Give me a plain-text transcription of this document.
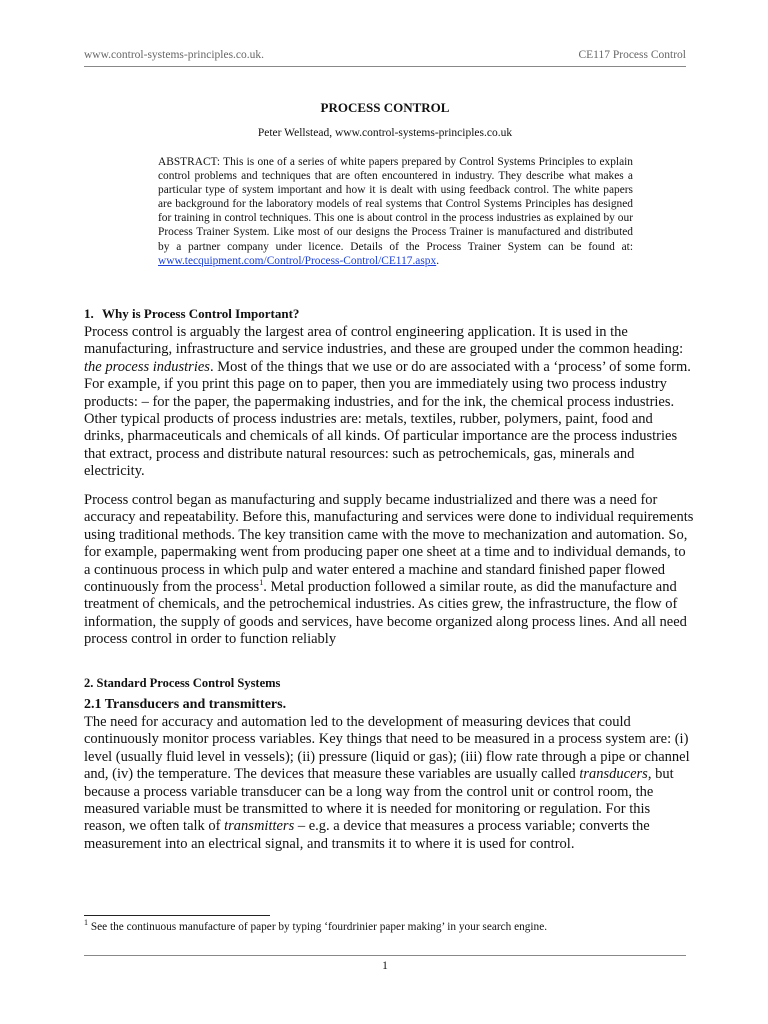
www.control-systems-principles.co.uk.	CE117 Process Control
PROCESS CONTROL
Peter Wellstead, www.control-systems-principles.co.uk

ABSTRACT: This is one of a series of white papers prepared by Control Systems Principles to explain control problems and techniques that are often encountered in industry. They describe what makes a particular type of system important and how it is dealt with using feedback control. The white papers are background for the laboratory models of real systems that Control Systems Principles has designed for training in control techniques. This one is about control in the process industries as explained by our Process Trainer System. Like most of our designs the Process Trainer is manufactured and distributed by a partner company under licence. Details of the Process Trainer System can be found at: www.tecquipment.com/Control/Process-Control/CE117.aspx.

1. Why is Process Control Important?

Process control is arguably the largest area of control engineering application. It is used in the manufacturing, infrastructure and service industries, and these are grouped under the common heading: the process industries. Most of the things that we use or do are associated with a ‘process’ of some form. For example, if you print this page on to paper, then you are immediately using two process industry products: – for the paper, the papermaking industries, and for the ink, the chemical process industries. Other typical products of process industries are: metals, textiles, rubber, polymers, paint, food and drinks, pharmaceuticals and chemicals of all kinds. Of particular importance are the process industries that extract, process and distribute natural resources: such as petrochemicals, gas, minerals and electricity.

Process control began as manufacturing and supply became industrialized and there was a need for accuracy and repeatability. Before this, manufacturing and services were done to individual requirements using traditional methods. The key transition came with the move to mechanization and automation. So, for example, papermaking went from producing paper one sheet at a time and to individual demands, to a continuous process in which pulp and water entered a machine and standard finished paper flowed continuously from the process$^1$. Metal production followed a similar route, as did the manufacture and treatment of chemicals, and the petrochemical industries. As cities grew, the infrastructure, the flow of information, the supply of goods and services, have become organized along process lines. And all need process control in order to function reliably

2. Standard Process Control Systems
2.1 Transducers and transmitters.

The need for accuracy and automation led to the development of measuring devices that could continuously monitor process variables. Key things that need to be measured in a process system are: (i) level (usually fluid level in vessels); (ii) pressure (liquid or gas); (iii) flow rate through a pipe or channel and, (iv) the temperature. The devices that measure these variables are usually called transducers, but because a process variable transducer can be a long way from the control unit or control room, the measured variable must be transmitted to where it is needed for monitoring or regulation. For this reason, we often talk of transmitters – e.g. a device that measures a process variable; converts the measurement into an electrical signal, and transmits it to where it is used for control.

$^1$ See the continuous manufacture of paper by typing ‘fourdrinier paper making’ in your search engine.

1
